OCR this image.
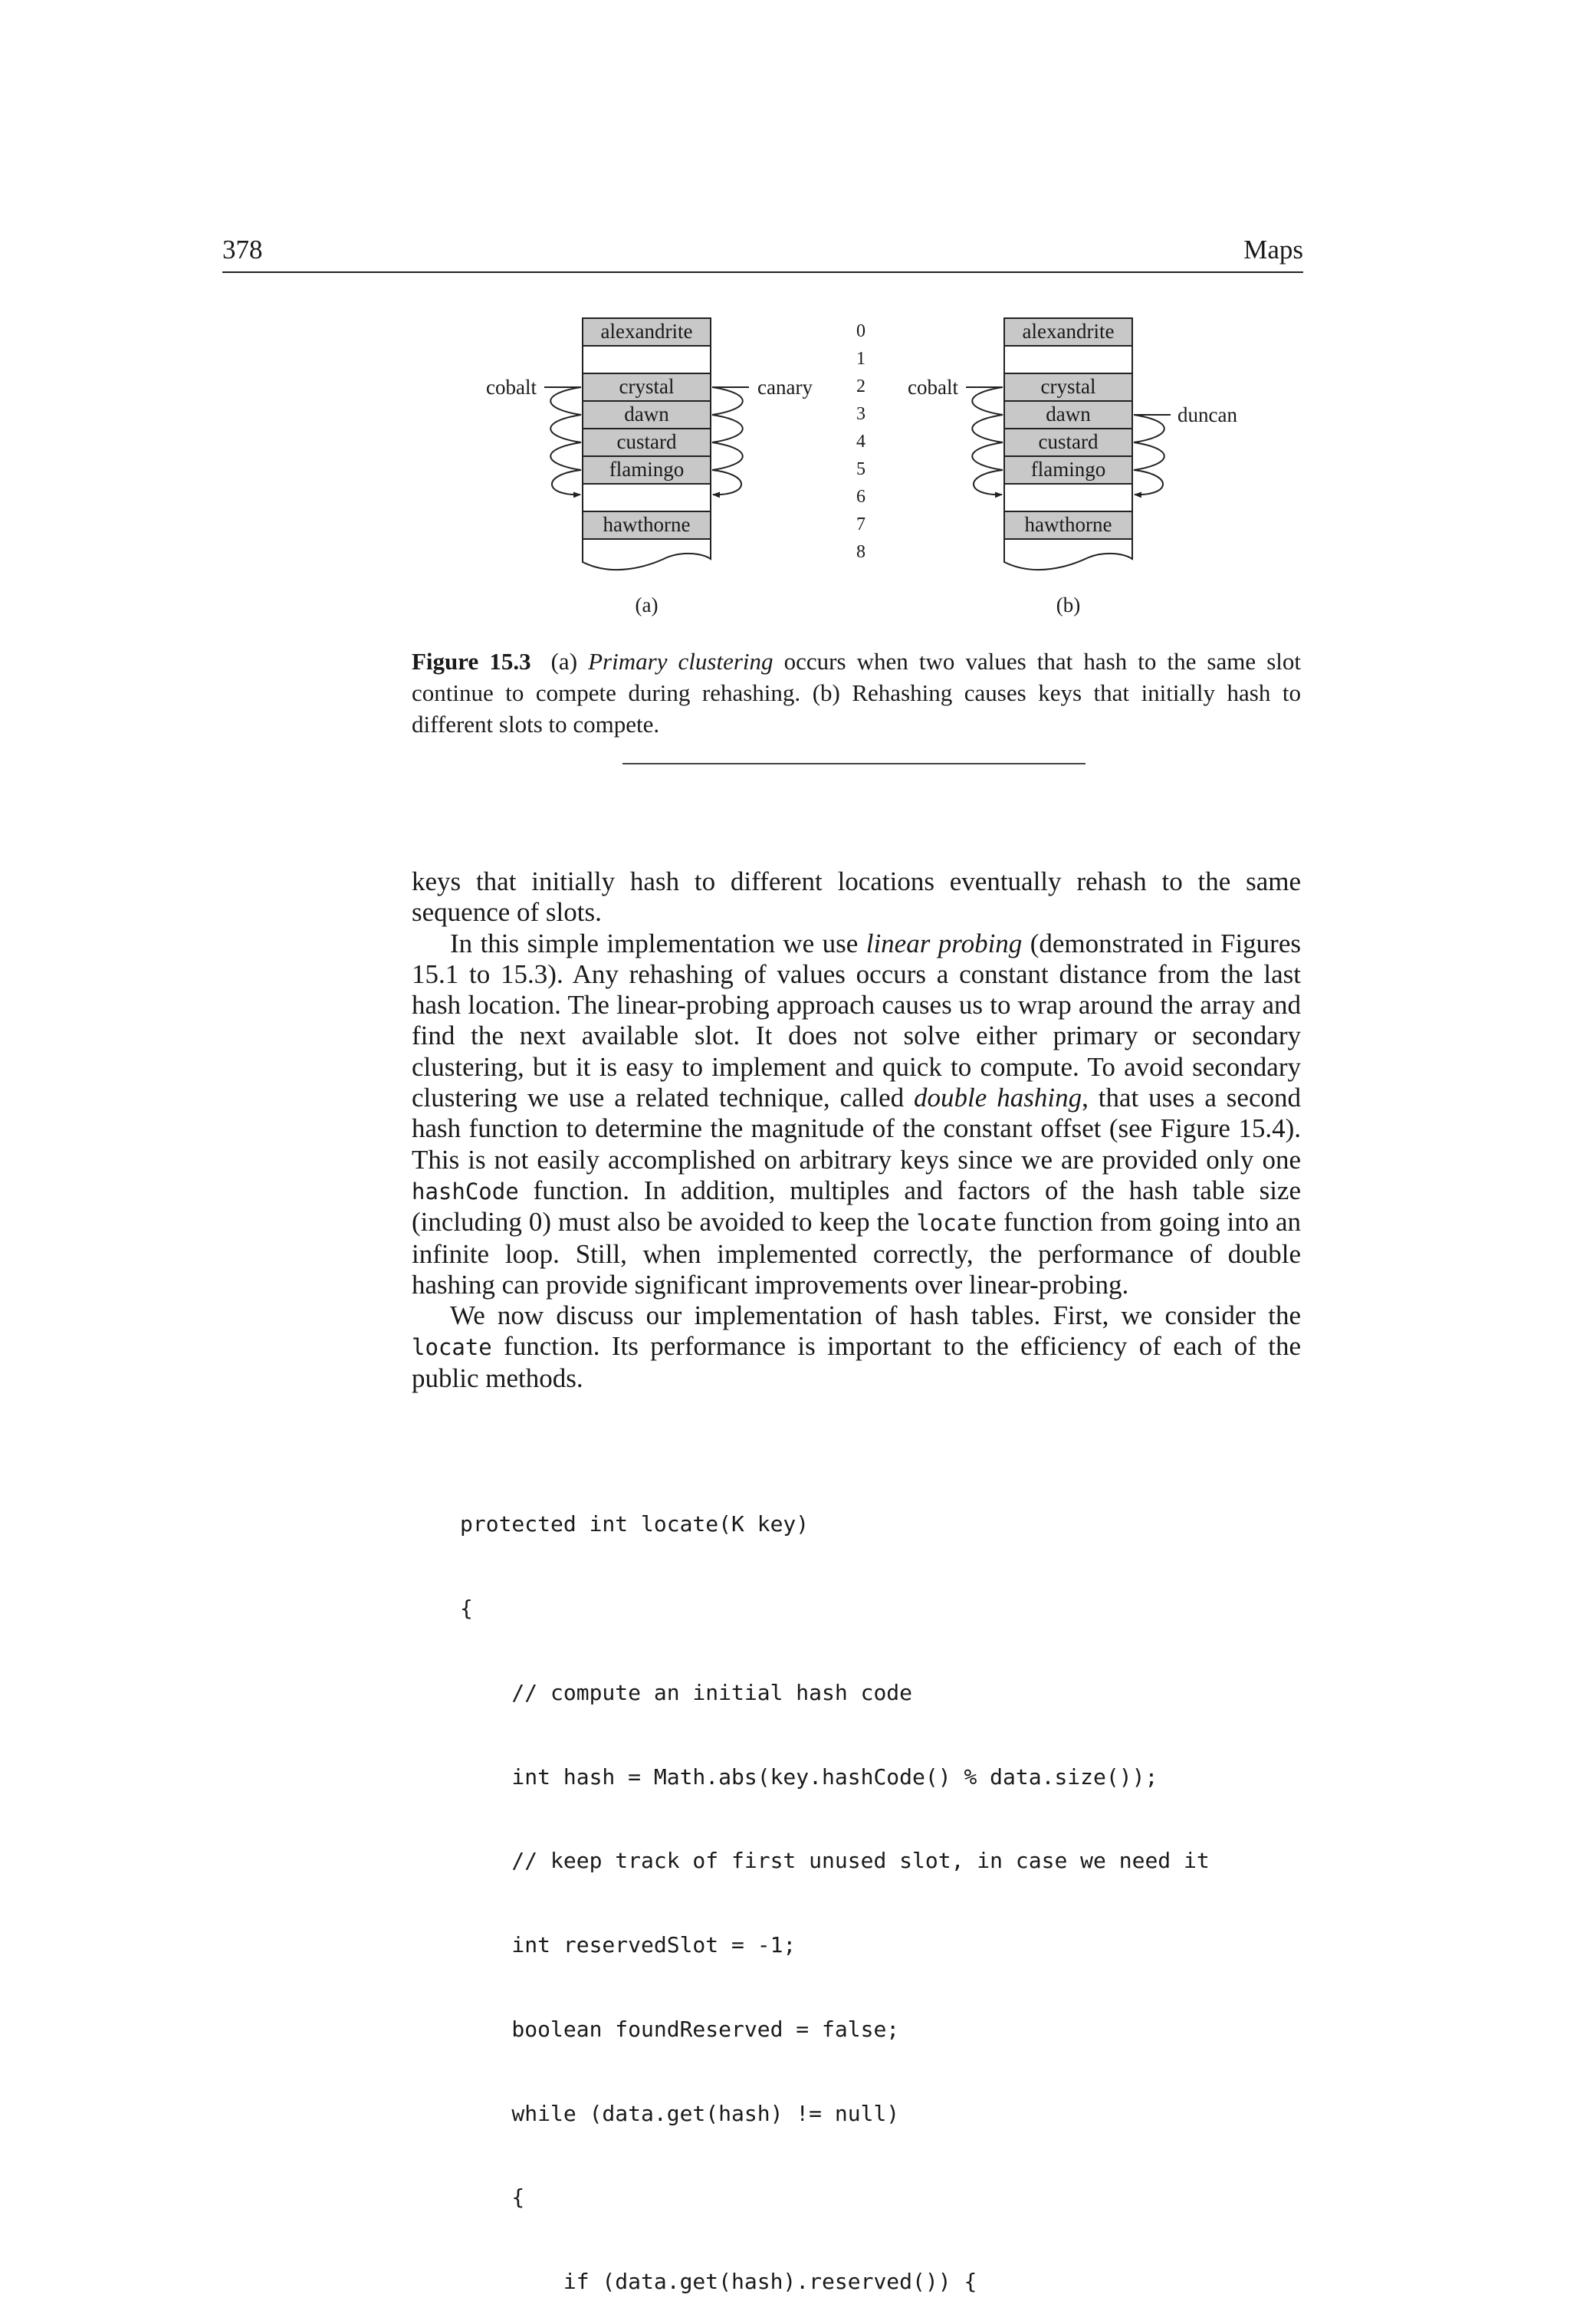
378	Maps
alexandrite
crystal
dawn
custard
flamingo
hawthorne
cobalt	canary
(a)
0
1
2
3
4
5
6
7
8
alexandrite
crystal
dawn
custard
flamingo
hawthorne
cobalt
duncan
(b)
Figure 15.3 (a) Primary clustering occurs when two values that hash to the same slot continue to compete during rehashing. (b) Rehashing causes keys that initially hash to different slots to compete.

keys that initially hash to different locations eventually rehash to the same sequence of slots.

In this simple implementation we use linear probing (demonstrated in Figures 15.1 to 15.3). Any rehashing of values occurs a constant distance from the last hash location. The linear-probing approach causes us to wrap around the array and find the next available slot. It does not solve either primary or secondary clustering, but it is easy to implement and quick to compute. To avoid secondary clustering we use a related technique, called double hashing, that uses a second hash function to determine the magnitude of the constant offset (see Figure 15.4). This is not easily accomplished on arbitrary keys since we are provided only one hashCode function. In addition, multiples and factors of the hash table size (including 0) must also be avoided to keep the locate function from going into an infinite loop. Still, when implemented correctly, the performance of double hashing can provide significant improvements over linear-probing.

We now discuss our implementation of hash tables. First, we consider the locate function. Its performance is important to the efficiency of each of the public methods.

protected int locate(K key)

{

// compute an initial hash code

int hash = Math.abs(key.hashCode() % data.size());

// keep track of first unused slot, in case we need it

int reservedSlot = -1;

boolean foundReserved = false;

while (data.get(hash) != null)

{

if (data.get(hash).reserved()) {
